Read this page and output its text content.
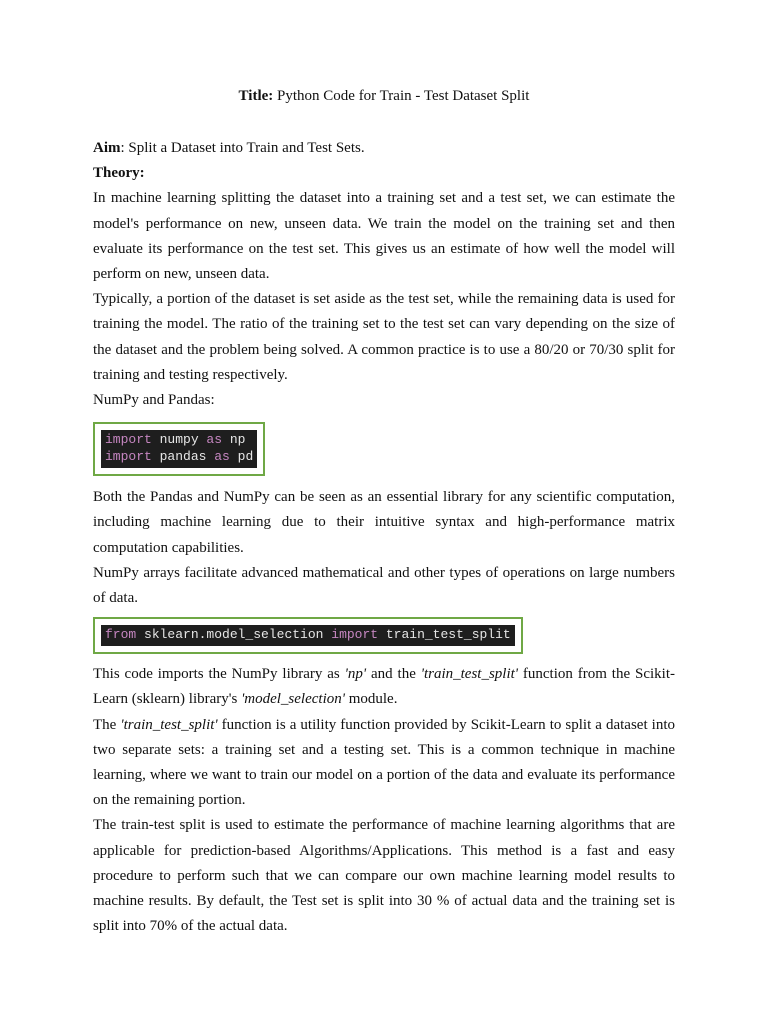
Title: Python Code for Train - Test Dataset Split

Aim: Split a Dataset into Train and Test Sets.

Theory:

In machine learning splitting the dataset into a training set and a test set, we can estimate the model's performance on new, unseen data. We train the model on the training set and then evaluate its performance on the test set. This gives us an estimate of how well the model will perform on new, unseen data.

Typically, a portion of the dataset is set aside as the test set, while the remaining data is used for training the model. The ratio of the training set to the test set can vary depending on the size of the dataset and the problem being solved. A common practice is to use a 80/20 or 70/30 split for training and testing respectively.

NumPy and Pandas:

import numpy as np
import pandas as pd

Both the Pandas and NumPy can be seen as an essential library for any scientific computation, including machine learning due to their intuitive syntax and high-performance matrix computation capabilities.

NumPy arrays facilitate advanced mathematical and other types of operations on large numbers of data.

from sklearn.model_selection import train_test_split

This code imports the NumPy library as 'np' and the 'train_test_split' function from the Scikit-Learn (sklearn) library's 'model_selection' module.

The 'train_test_split' function is a utility function provided by Scikit-Learn to split a dataset into two separate sets: a training set and a testing set. This is a common technique in machine learning, where we want to train our model on a portion of the data and evaluate its performance on the remaining portion.

The train-test split is used to estimate the performance of machine learning algorithms that are applicable for prediction-based Algorithms/Applications. This method is a fast and easy procedure to perform such that we can compare our own machine learning model results to machine results. By default, the Test set is split into 30 % of actual data and the training set is split into 70% of the actual data.
